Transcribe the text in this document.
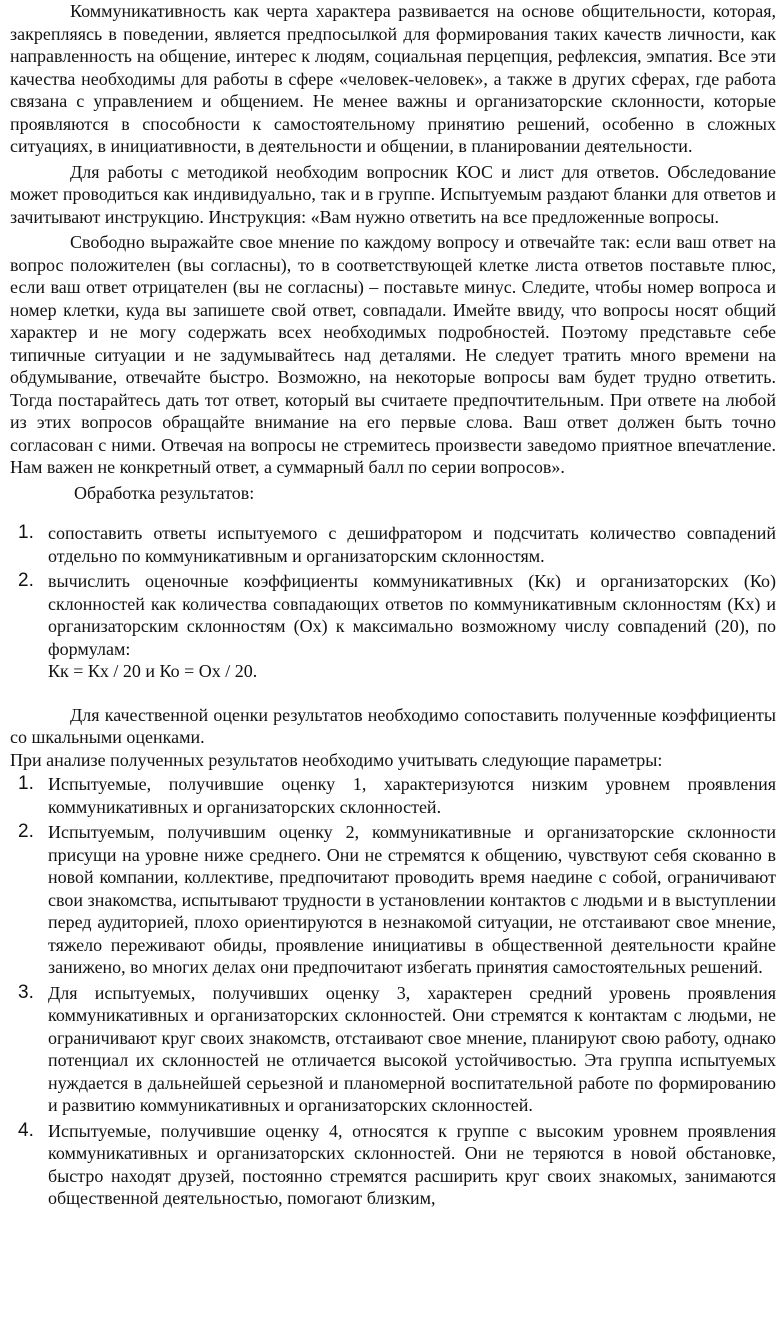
Коммуникативность как черта характера развивается на основе общительности, которая, закрепляясь в поведении, является предпосылкой для формирования таких качеств личности, как направленность на общение, интерес к людям, социальная перцепция, рефлексия, эмпатия. Все эти качества необходимы для работы в сфере «человек-человек», а также в других сферах, где работа связана с управлением и общением. Не менее важны и организаторские склонности, которые проявляются в способности к самостоятельному принятию решений, особенно в сложных ситуациях, в инициативности, в деятельности и общении, в планировании деятельности.

Для работы с методикой необходим вопросник КОС и лист для ответов. Обследование может проводиться как индивидуально, так и в группе. Испытуемым раздают бланки для ответов и зачитывают инструкцию. Инструкция: «Вам нужно ответить на все предложенные вопросы.

Свободно выражайте свое мнение по каждому вопросу и отвечайте так: если ваш ответ на вопрос положителен (вы согласны), то в соответствующей клетке листа ответов поставьте плюс, если ваш ответ отрицателен (вы не согласны) – поставьте минус. Следите, чтобы номер вопроса и номер клетки, куда вы запишете свой ответ, совпадали. Имейте ввиду, что вопросы носят общий характер и не могу содержать всех необходимых подробностей. Поэтому представьте себе типичные ситуации и не задумывайтесь над деталями. Не следует тратить много времени на обдумывание, отвечайте быстро. Возможно, на некоторые вопросы вам будет трудно ответить. Тогда постарайтесь дать тот ответ, который вы считаете предпочтительным. При ответе на любой из этих вопросов обращайте внимание на его первые слова. Ваш ответ должен быть точно согласован с ними. Отвечая на вопросы не стремитесь произвести заведомо приятное впечатление. Нам важен не конкретный ответ, а суммарный балл по серии вопросов».

Обработка результатов:

1. сопоставить ответы испытуемого с дешифратором и подсчитать количество совпадений отдельно по коммуникативным и организаторским склонностям.
2. вычислить оценочные коэффициенты коммуникативных (Кк) и организаторских (Ко) склонностей как количества совпадающих ответов по коммуникативным склонностям (Кх) и организаторским склонностям (Ох) к максимально возможному числу совпадений (20), по формулам:
Кк = Кх / 20 и Ко = Ох / 20.

Для качественной оценки результатов необходимо сопоставить полученные коэффициенты со шкальными оценками.

При анализе полученных результатов необходимо учитывать следующие параметры:

1. Испытуемые, получившие оценку 1, характеризуются низким уровнем проявления коммуникативных и организаторских склонностей.
2. Испытуемым, получившим оценку 2, коммуникативные и организаторские склонности присущи на уровне ниже среднего. Они не стремятся к общению, чувствуют себя скованно в новой компании, коллективе, предпочитают проводить время наедине с собой, ограничивают свои знакомства, испытывают трудности в установлении контактов с людьми и в выступлении перед аудиторией, плохо ориентируются в незнакомой ситуации, не отстаивают свое мнение, тяжело переживают обиды, проявление инициативы в общественной деятельности крайне занижено, во многих делах они предпочитают избегать принятия самостоятельных решений.
3. Для испытуемых, получивших оценку 3, характерен средний уровень проявления коммуникативных и организаторских склонностей. Они стремятся к контактам с людьми, не ограничивают круг своих знакомств, отстаивают свое мнение, планируют свою работу, однако потенциал их склонностей не отличается высокой устойчивостью. Эта группа испытуемых нуждается в дальнейшей серьезной и планомерной воспитательной работе по формированию и развитию коммуникативных и организаторских склонностей.
4. Испытуемые, получившие оценку 4, относятся к группе с высоким уровнем проявления коммуникативных и организаторских склонностей. Они не теряются в новой обстановке, быстро находят друзей, постоянно стремятся расширить круг своих знакомых, занимаются общественной деятельностью, помогают близким,
